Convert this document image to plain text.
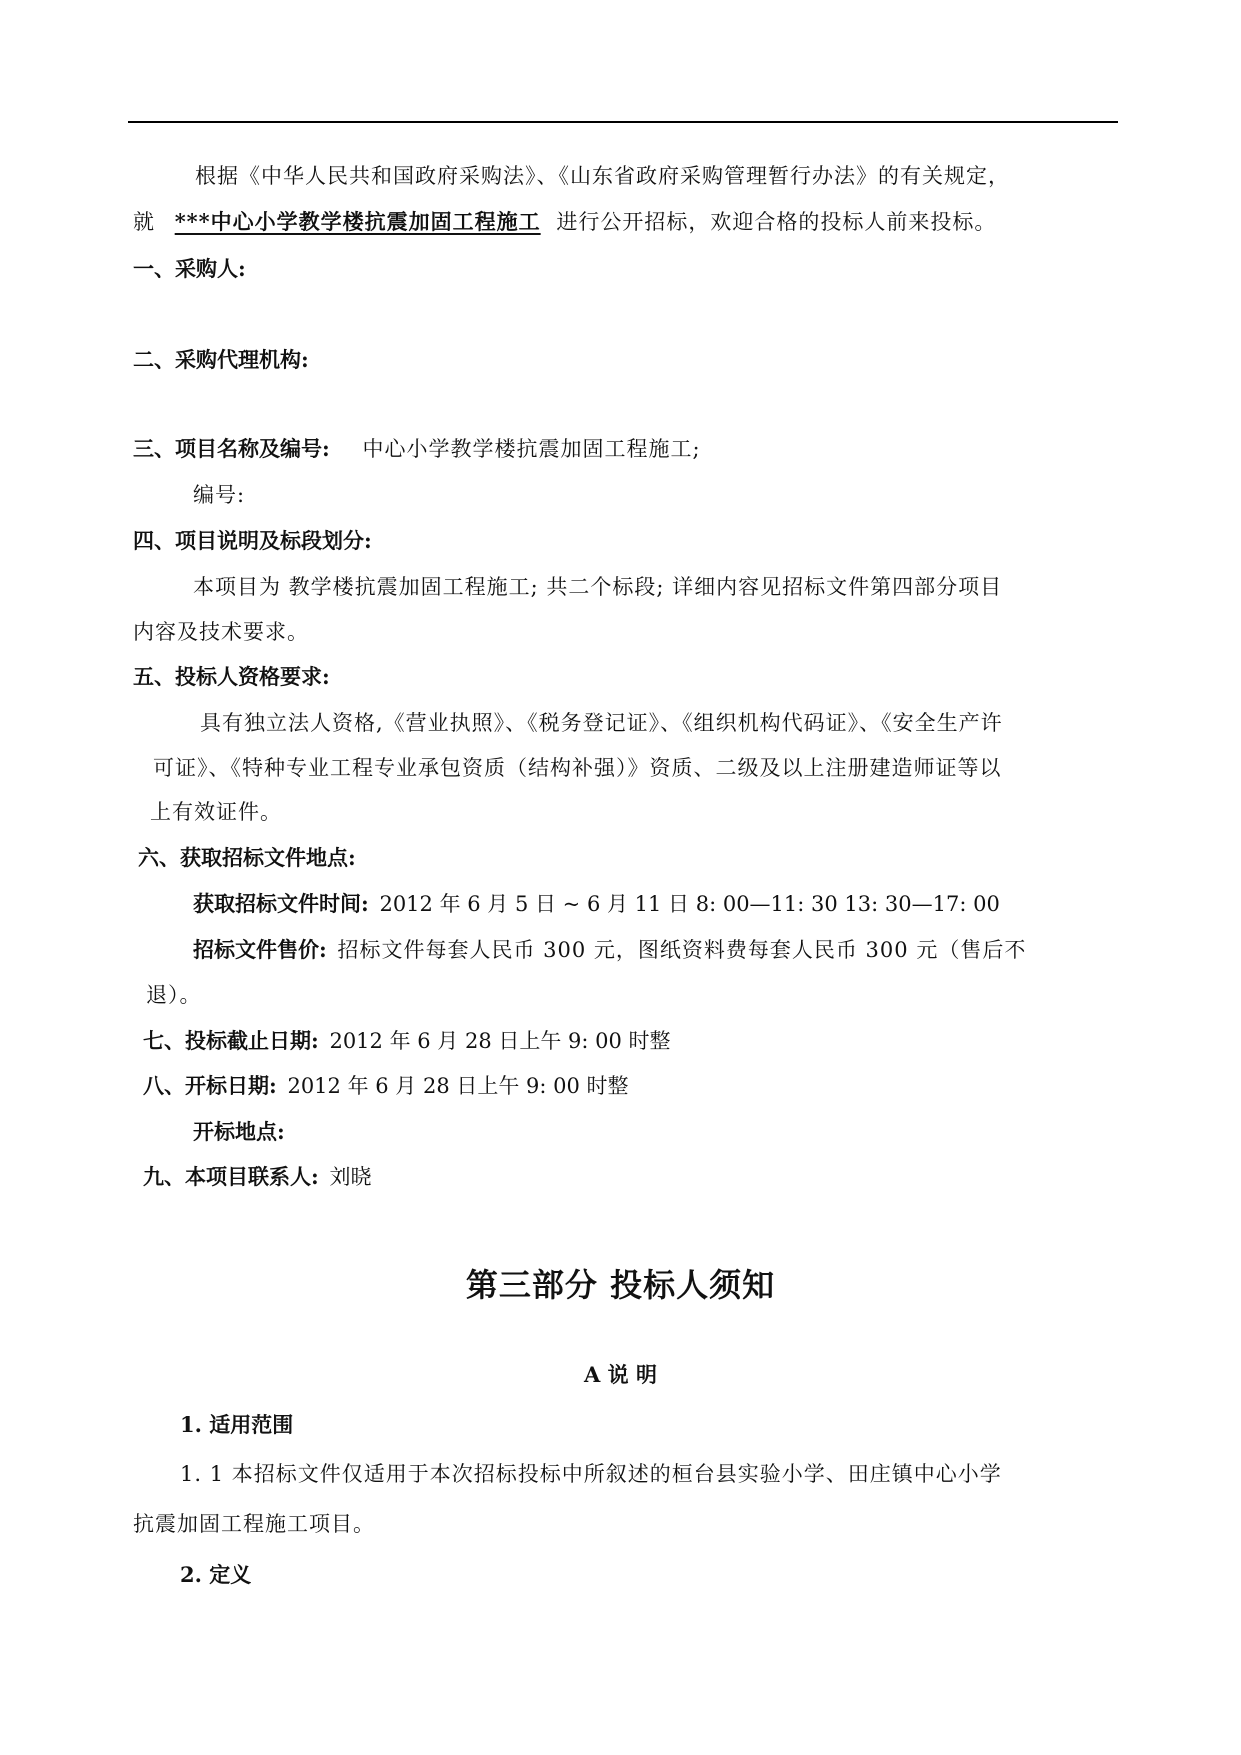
根据《中华人民共和国政府采购法》、《山东省政府采购管理暂行办法》的有关规定，
就 ***中心小学教学楼抗震加固工程施工 进行公开招标，欢迎合格的投标人前来投标。
一、采购人:
二、采购代理机构:
三、项目名称及编号: 中心小学教学楼抗震加固工程施工;
编号:
四、项目说明及标段划分:
本项目为 教学楼抗震加固工程施工; 共二个标段; 详细内容见招标文件第四部分项目
内容及技术要求。
五、投标人资格要求:
具有独立法人资格,《营业执照》、《税务登记证》、《组织机构代码证》、《安全生产许
可证》、《特种专业工程专业承包资质（结构补强）》资质、二级及以上注册建造师证等以
上有效证件。
六、获取招标文件地点:
获取招标文件时间: 2012 年 6 月 5 日 ~ 6 月 11 日 8: 00—11: 30 13: 30—17: 00
招标文件售价: 招标文件每套人民币 300 元，图纸资料费每套人民币 300 元（售后不
退）。
七、投标截止日期: 2012 年 6 月 28 日上午 9: 00 时整
八、开标日期: 2012 年 6 月 28 日上午 9: 00 时整
开标地点:
九、本项目联系人: 刘晓
第三部分 投标人须知
A 说 明
1. 适用范围
1. 1 本招标文件仅适用于本次招标投标中所叙述的桓台县实验小学、田庄镇中心小学
抗震加固工程施工项目。
2. 定义
